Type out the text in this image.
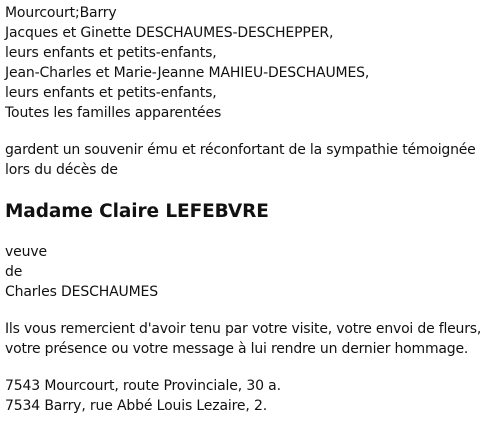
Mourcourt;Barry
Jacques et Ginette DESCHAUMES-DESCHEPPER,
leurs enfants et petits-enfants,
Jean-Charles et Marie-Jeanne MAHIEU-DESCHAUMES,
leurs enfants et petits-enfants,
Toutes les familles apparentées
gardent un souvenir ému et réconfortant de la sympathie témoignée
lors du décès de
Madame Claire LEFEBVRE
veuve
de
Charles DESCHAUMES
Ils vous remercient d'avoir tenu par votre visite, votre envoi de fleurs,
votre présence ou votre message à lui rendre un dernier hommage.
7543 Mourcourt, route Provinciale, 30 a.
7534 Barry, rue Abbé Louis Lezaire, 2.
